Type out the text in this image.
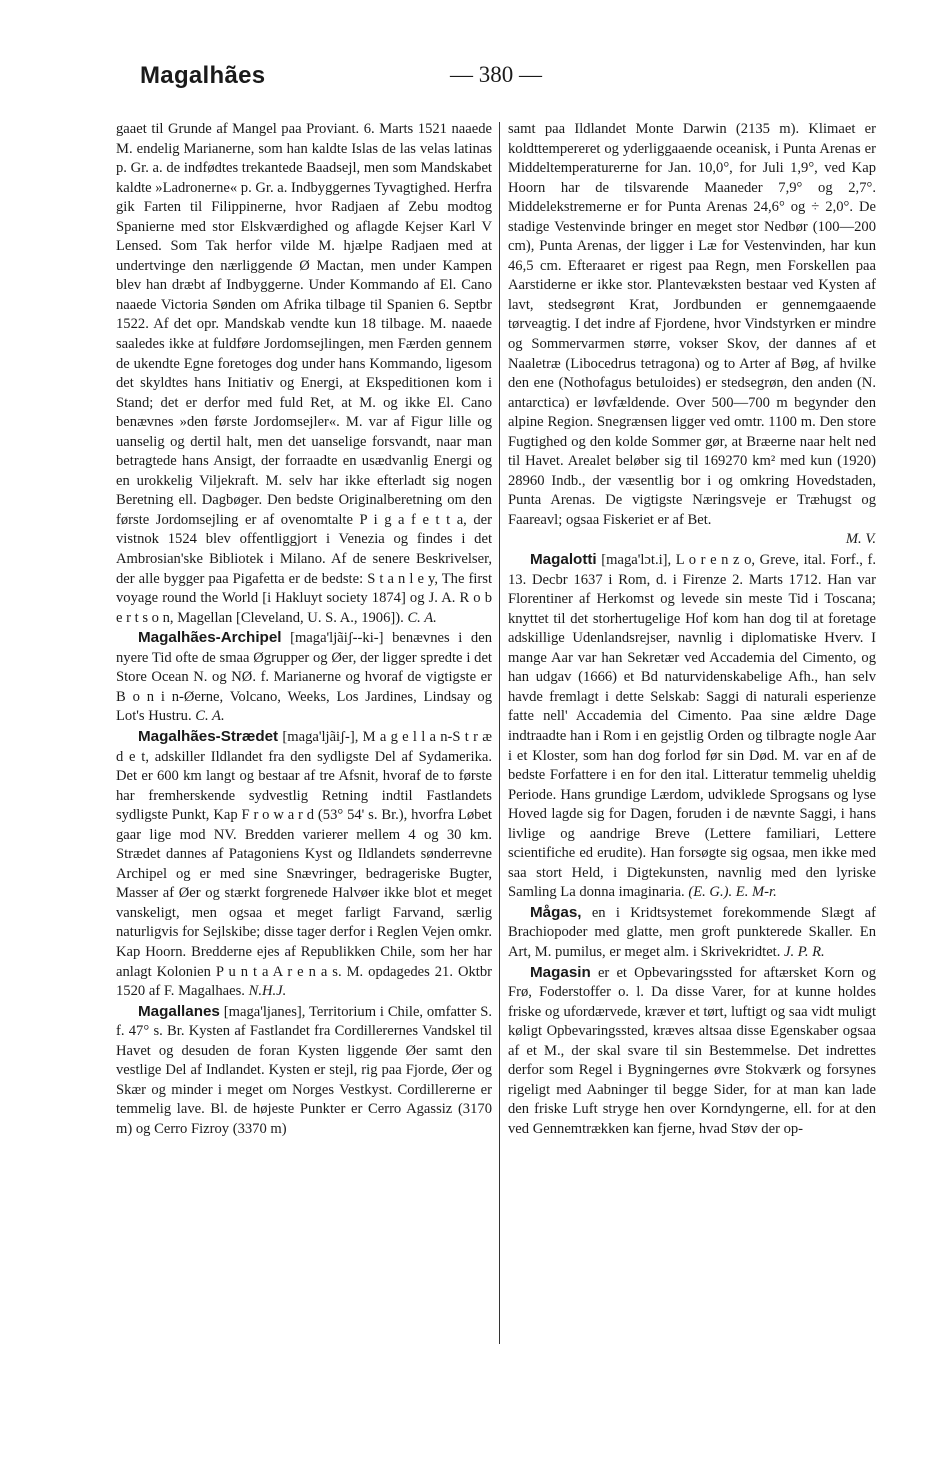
Magalhães	— 380 —

gaaet til Grunde af Mangel paa Proviant. 6. Marts 1521 naaede M. endelig Marianerne, som han kaldte Islas de las velas latinas p. Gr. a. de indfødtes trekantede Baadsejl, men som Mandskabet kaldte »Ladronerne« p. Gr. a. Indbyggernes Tyvagtighed. Herfra gik Farten til Filippinerne, hvor Radjaen af Zebu modtog Spanierne med stor Elskværdighed og aflagde Kejser Karl V Lensed. Som Tak herfor vilde M. hjælpe Radjaen med at undertvinge den nærliggende Ø Mactan, men under Kampen blev han dræbt af Indbyggerne. Under Kommando af El. Cano naaede Victoria Sønden om Afrika tilbage til Spanien 6. Septbr 1522. Af det opr. Mandskab vendte kun 18 tilbage. M. naaede saaledes ikke at fuldføre Jordomsejlingen, men Færden gennem de ukendte Egne foretoges dog under hans Kommando, ligesom det skyldtes hans Initiativ og Energi, at Ekspeditionen kom i Stand; det er derfor med fuld Ret, at M. og ikke El. Cano benævnes »den første Jordomsejler«. M. var af Figur lille og uanselig og dertil halt, men det uanselige forsvandt, naar man betragtede hans Ansigt, der forraadte en usædvanlig Energi og en urokkelig Viljekraft. M. selv har ikke efterladt sig nogen Beretning ell. Dagbøger. Den bedste Originalberetning om den første Jordomsejling er af ovenomtalte P i g a f e t t a, der vistnok 1524 blev offentliggjort i Venezia og findes i det Ambrosian'ske Bibliotek i Milano. Af de senere Beskrivelser, der alle bygger paa Pigafetta er de bedste: S t a n l e y, The first voyage round the World [i Hakluyt society 1874] og J. A. R o b e r t s o n, Magellan [Cleveland, U. S. A., 1906]). C. A.

Magalhães-Archipel [maga'ljãiʃ--ki-] benævnes i den nyere Tid ofte de smaa Øgrupper og Øer, der ligger spredte i det Store Ocean N. og NØ. f. Marianerne og hvoraf de vigtigste er B o n i n-Øerne, Volcano, Weeks, Los Jardines, Lindsay og Lot's Hustru. C. A.

Magalhães-Strædet [maga'ljãiʃ-], M a g e l l a n-S t r æ d e t, adskiller Ildlandet fra den sydligste Del af Sydamerika. Det er 600 km langt og bestaar af tre Afsnit, hvoraf de to første har fremherskende sydvestlig Retning indtil Fastlandets sydligste Punkt, Kap F r o w a r d (53° 54' s. Br.), hvorfra Løbet gaar lige mod NV. Bredden varierer mellem 4 og 30 km. Strædet dannes af Patagoniens Kyst og Ildlandets sønderrevne Archipel og er med sine Snævringer, bedrageriske Bugter, Masser af Øer og stærkt forgrenede Halvøer ikke blot et meget vanskeligt, men ogsaa et meget farligt Farvand, særlig naturligvis for Sejlskibe; disse tager derfor i Reglen Vejen omkr. Kap Hoorn. Bredderne ejes af Republikken Chile, som her har anlagt Kolonien P u n t a A r e n a s. M. opdagedes 21. Oktbr 1520 af F. Magalhaes. N.H.J.

Magallanes [maga'ljanes], Territorium i Chile, omfatter S. f. 47° s. Br. Kysten af Fastlandet fra Cordillerernes Vandskel til Havet og desuden de foran Kysten liggende Øer samt den vestlige Del af Indlandet. Kysten er stejl, rig paa Fjorde, Øer og Skær og minder i meget om Norges Vestkyst. Cordillererne er temmelig lave. Bl. de højeste Punkter er Cerro Agassiz (3170 m) og Cerro Fizroy (3370 m)

samt paa Ildlandet Monte Darwin (2135 m). Klimaet er koldttempereret og yderliggaaende oceanisk, i Punta Arenas er Middeltemperaturerne for Jan. 10,0°, for Juli 1,9°, ved Kap Hoorn har de tilsvarende Maaneder 7,9° og 2,7°. Middelekstremerne er for Punta Arenas 24,6° og ÷ 2,0°. De stadige Vestenvinde bringer en meget stor Nedbør (100—200 cm), Punta Arenas, der ligger i Læ for Vestenvinden, har kun 46,5 cm. Efteraaret er rigest paa Regn, men Forskellen paa Aarstiderne er ikke stor. Plantevæksten bestaar ved Kysten af lavt, stedsegrønt Krat, Jordbunden er gennemgaaende tørveagtig. I det indre af Fjordene, hvor Vindstyrken er mindre og Sommervarmen større, vokser Skov, der dannes af et Naaletræ (Libocedrus tetragona) og to Arter af Bøg, af hvilke den ene (Nothofagus betuloides) er stedsegrøn, den anden (N. antarctica) er løvfældende. Over 500—700 m begynder den alpine Region. Snegrænsen ligger ved omtr. 1100 m. Den store Fugtighed og den kolde Sommer gør, at Bræerne naar helt ned til Havet. Arealet beløber sig til 169270 km² med kun (1920) 28960 Indb., der væsentlig bor i og omkring Hovedstaden, Punta Arenas. De vigtigste Næringsveje er Træhugst og Faareavl; ogsaa Fiskeriet er af Bet.
M. V.

Magalotti [maga'lɔt.i], L o r e n z o, Greve, ital. Forf., f. 13. Decbr 1637 i Rom, d. i Firenze 2. Marts 1712. Han var Florentiner af Herkomst og levede sin meste Tid i Toscana; knyttet til det storhertugelige Hof kom han dog til at foretage adskillige Udenlandsrejser, navnlig i diplomatiske Hverv. I mange Aar var han Sekretær ved Accademia del Cimento, og han udgav (1666) et Bd naturvidenskabelige Afh., han selv havde fremlagt i dette Selskab: Saggi di naturali esperienze fatte nell' Accademia del Cimento. Paa sine ældre Dage indtraadte han i Rom i en gejstlig Orden og tilbragte nogle Aar i et Kloster, som han dog forlod før sin Død. M. var en af de bedste Forfattere i en for den ital. Litteratur temmelig uheldig Periode. Hans grundige Lærdom, udviklede Sprogsans og lyse Hoved lagde sig for Dagen, foruden i de nævnte Saggi, i hans livlige og aandrige Breve (Lettere familiari, Lettere scientifiche ed erudite). Han forsøgte sig ogsaa, men ikke med saa stort Held, i Digtekunsten, navnlig med den lyriske Samling La donna imaginaria. (E. G.). E. M-r.

Mågas, en i Kridtsystemet forekommende Slægt af Brachiopoder med glatte, men groft punkterede Skaller. En Art, M. pumilus, er meget alm. i Skrivekridtet. J. P. R.

Magasin er et Opbevaringssted for aftærsket Korn og Frø, Foderstoffer o. l. Da disse Varer, for at kunne holdes friske og ufordærvede, kræver et tørt, luftigt og saa vidt muligt køligt Opbevaringssted, kræves altsaa disse Egenskaber ogsaa af et M., der skal svare til sin Bestemmelse. Det indrettes derfor som Regel i Bygningernes øvre Stokværk og forsynes rigeligt med Aabninger til begge Sider, for at man kan lade den friske Luft stryge hen over Korndyngerne, ell. for at den ved Gennemtrækken kan fjerne, hvad Støv der op-
